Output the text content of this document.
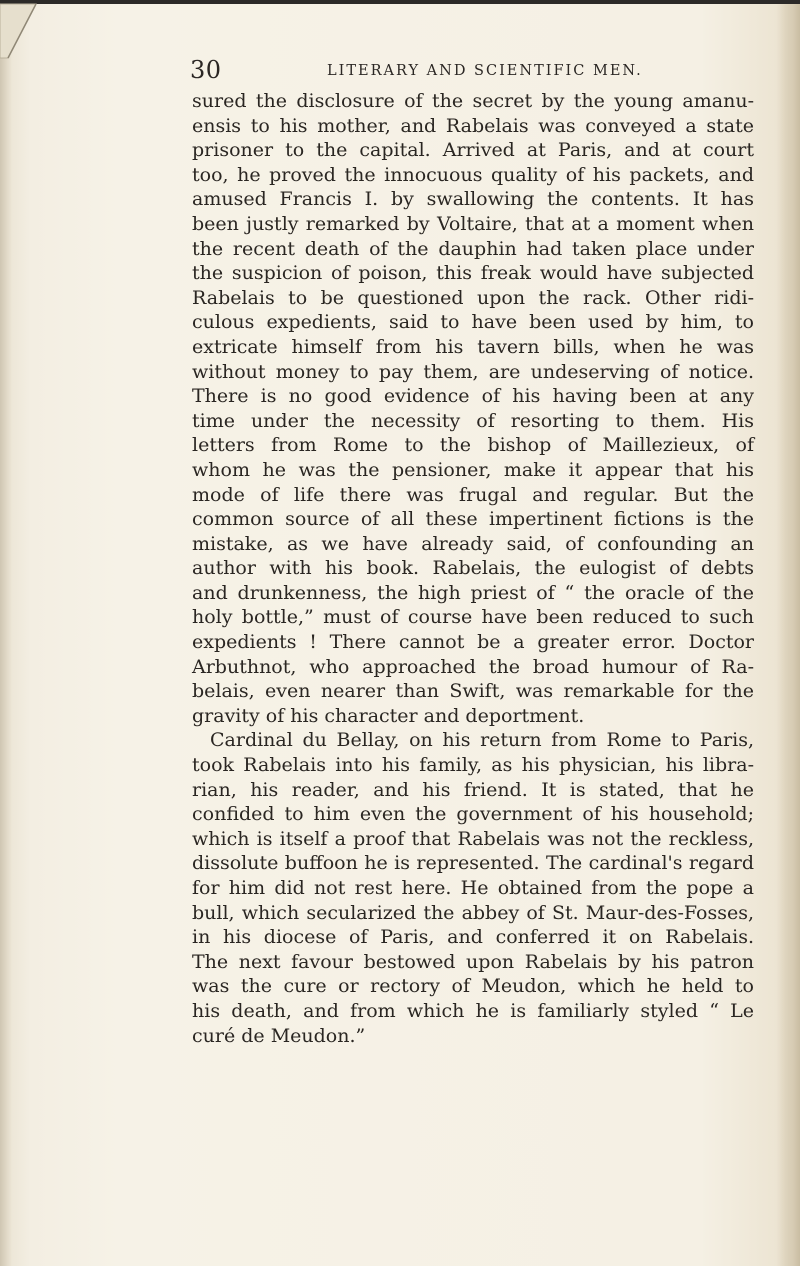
30	LITERARY AND SCIENTIFIC MEN.
sured the disclosure of the secret by the young amanu-
ensis to his mother, and Rabelais was conveyed a state
prisoner to the capital. Arrived at Paris, and at court
too, he proved the innocuous quality of his packets, and
amused Francis I. by swallowing the contents. It has
been justly remarked by Voltaire, that at a moment when
the recent death of the dauphin had taken place under
the suspicion of poison, this freak would have subjected
Rabelais to be questioned upon the rack. Other ridi-
culous expedients, said to have been used by him, to
extricate himself from his tavern bills, when he was
without money to pay them, are undeserving of notice.
There is no good evidence of his having been at any
time under the necessity of resorting to them. His
letters from Rome to the bishop of Maillezieux, of
whom he was the pensioner, make it appear that his
mode of life there was frugal and regular. But the
common source of all these impertinent fictions is the
mistake, as we have already said, of confounding an
author with his book. Rabelais, the eulogist of debts
and drunkenness, the high priest of “ the oracle of the
holy bottle,” must of course have been reduced to such
expedients ! There cannot be a greater error. Doctor
Arbuthnot, who approached the broad humour of Ra-
belais, even nearer than Swift, was remarkable for the
gravity of his character and deportment.
Cardinal du Bellay, on his return from Rome to Paris,
took Rabelais into his family, as his physician, his libra-
rian, his reader, and his friend. It is stated, that he
confided to him even the government of his household;
which is itself a proof that Rabelais was not the reckless,
dissolute buffoon he is represented. The cardinal's regard
for him did not rest here. He obtained from the pope a
bull, which secularized the abbey of St. Maur-des-Fosses,
in his diocese of Paris, and conferred it on Rabelais.
The next favour bestowed upon Rabelais by his patron
was the cure or rectory of Meudon, which he held to
his death, and from which he is familiarly styled “ Le
curé de Meudon.”
